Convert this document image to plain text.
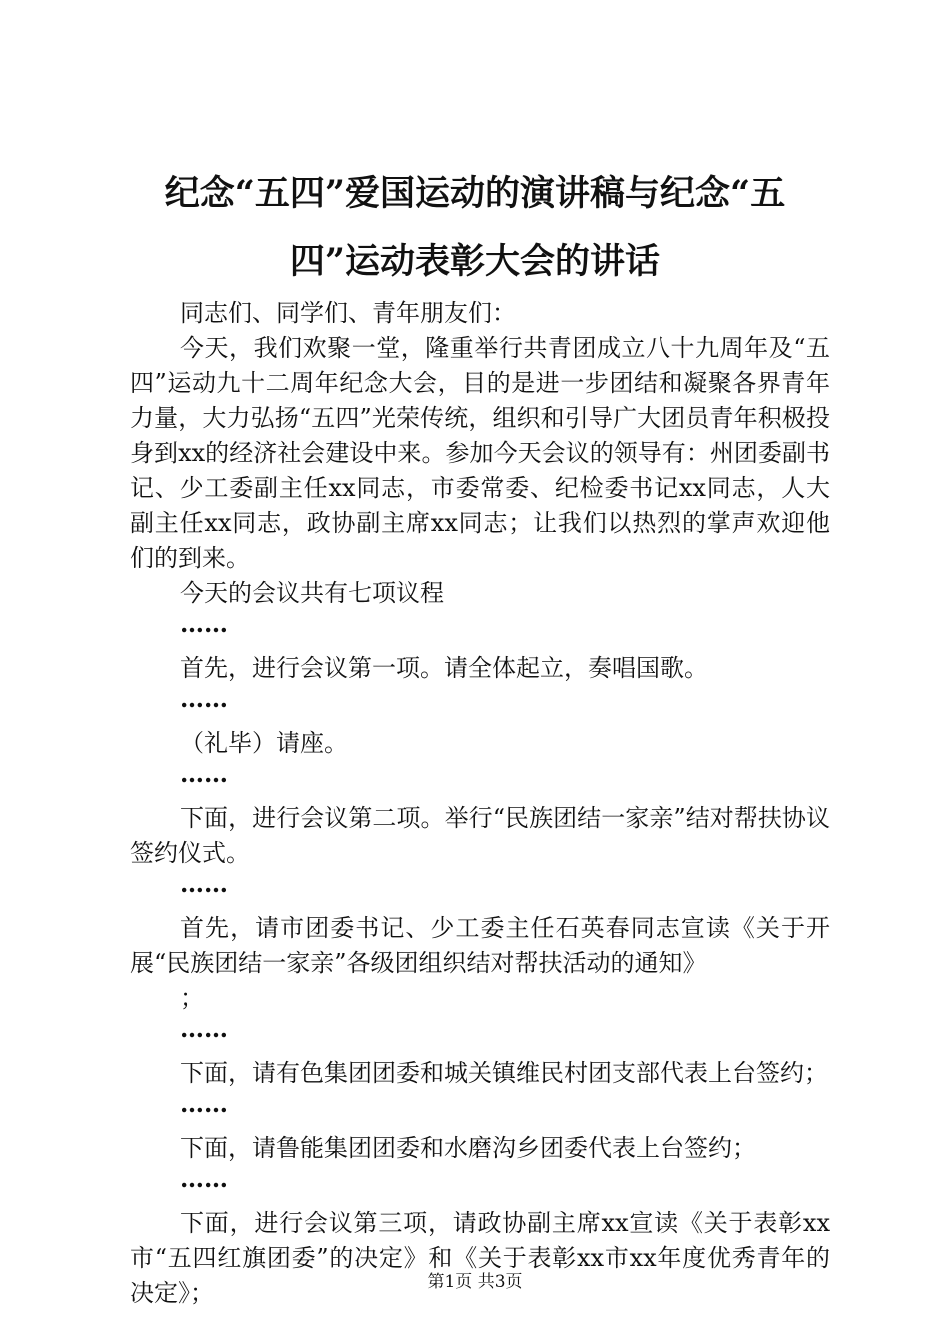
纪念“五四”爱国运动的演讲稿与纪念“五
四”运动表彰大会的讲话

同志们、同学们、青年朋友们：

今天，我们欢聚一堂，隆重举行共青团成立八十九周年及“五四”运动九十二周年纪念大会，目的是进一步团结和凝聚各界青年力量，大力弘扬“五四”光荣传统，组织和引导广大团员青年积极投身到xx的经济社会建设中来。参加今天会议的领导有：州团委副书记、少工委副主任xx同志，市委常委、纪检委书记xx同志，人大副主任xx同志，政协副主席xx同志；让我们以热烈的掌声欢迎他们的到来。

今天的会议共有七项议程

……

首先，进行会议第一项。请全体起立，奏唱国歌。

……

（礼毕）请座。

……

下面，进行会议第二项。举行“民族团结一家亲”结对帮扶协议签约仪式。

……

首先，请市团委书记、少工委主任石英春同志宣读《关于开展“民族团结一家亲”各级团组织结对帮扶活动的通知》

；

……

下面，请有色集团团委和城关镇维民村团支部代表上台签约；

……

下面，请鲁能集团团委和水磨沟乡团委代表上台签约；

……

下面，进行会议第三项，请政协副主席xx宣读《关于表彰xx市“五四红旗团委”的决定》和《关于表彰xx市xx年度优秀青年的决定》；	第1页 共3页
